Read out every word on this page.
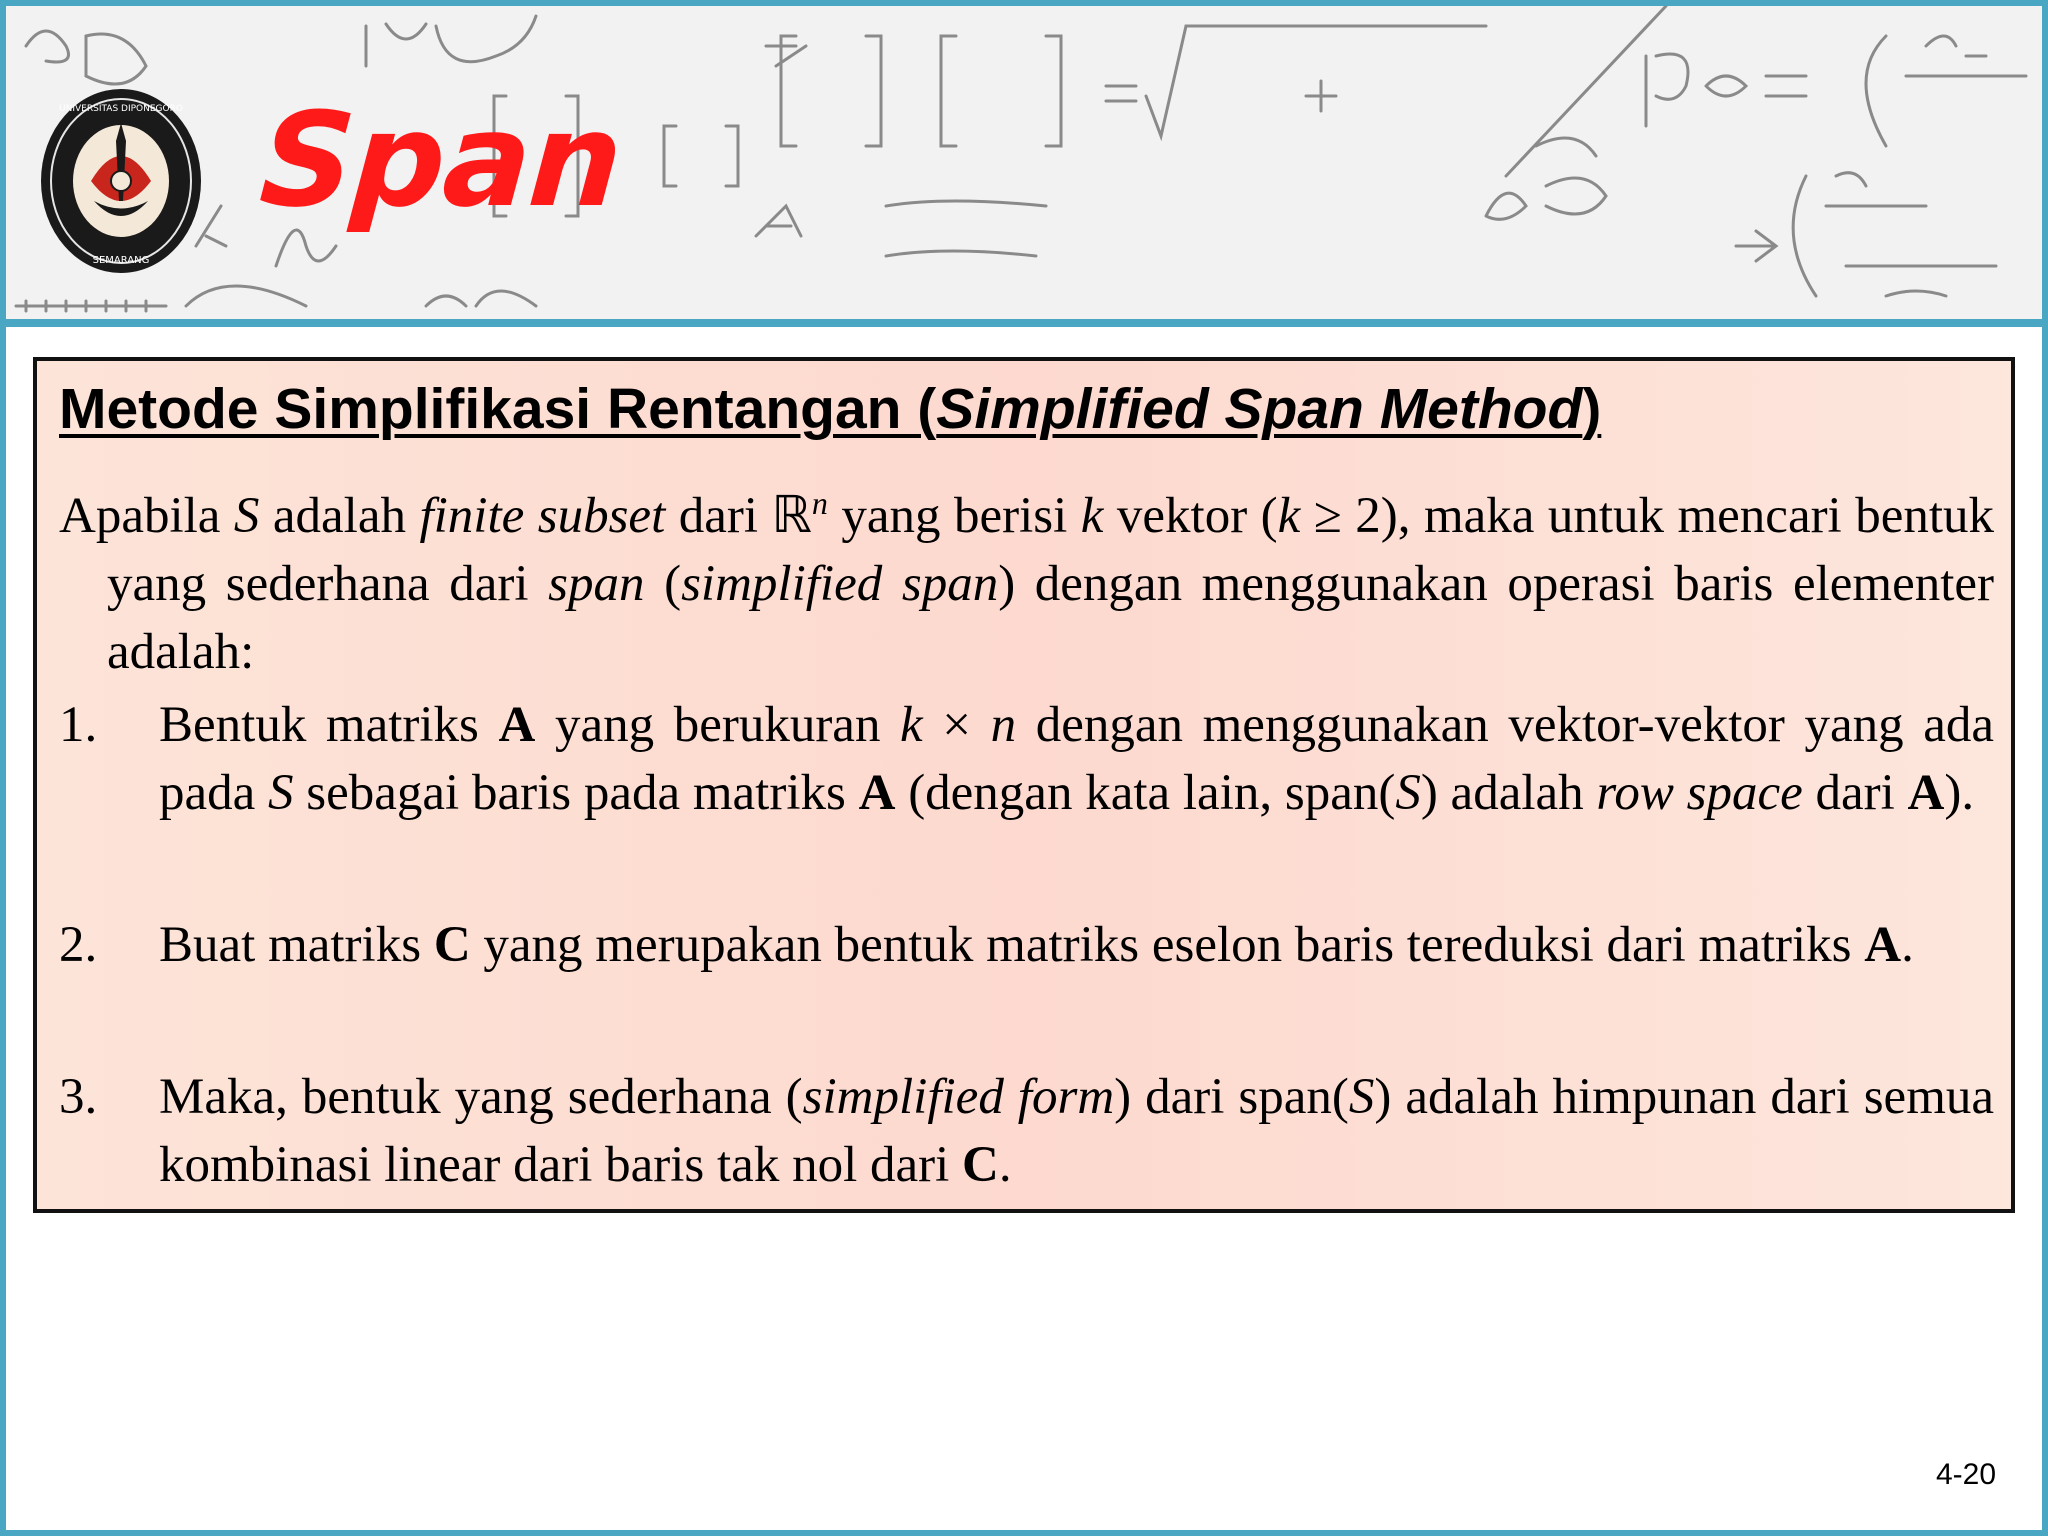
UNIVERSITAS DIPONEGORO
SEMARANG
Span
Metode Simplifikasi Rentangan (Simplified Span Method)
Apabila S adalah finite subset dari ℝ$^n$ yang berisi k vektor (k ≥ 2), maka untuk mencari bentuk yang sederhana dari span (simplified span) dengan menggunakan operasi baris elementer adalah:
1. Bentuk matriks A yang berukuran k × n dengan menggunakan vektor-vektor yang ada pada S sebagai baris pada matriks A (dengan kata lain, span(S) adalah row space dari A).
2. Buat matriks C yang merupakan bentuk matriks eselon baris tereduksi dari matriks A.
3. Maka, bentuk yang sederhana (simplified form) dari span(S) adalah himpunan dari semua kombinasi linear dari baris tak nol dari C.
4-20
